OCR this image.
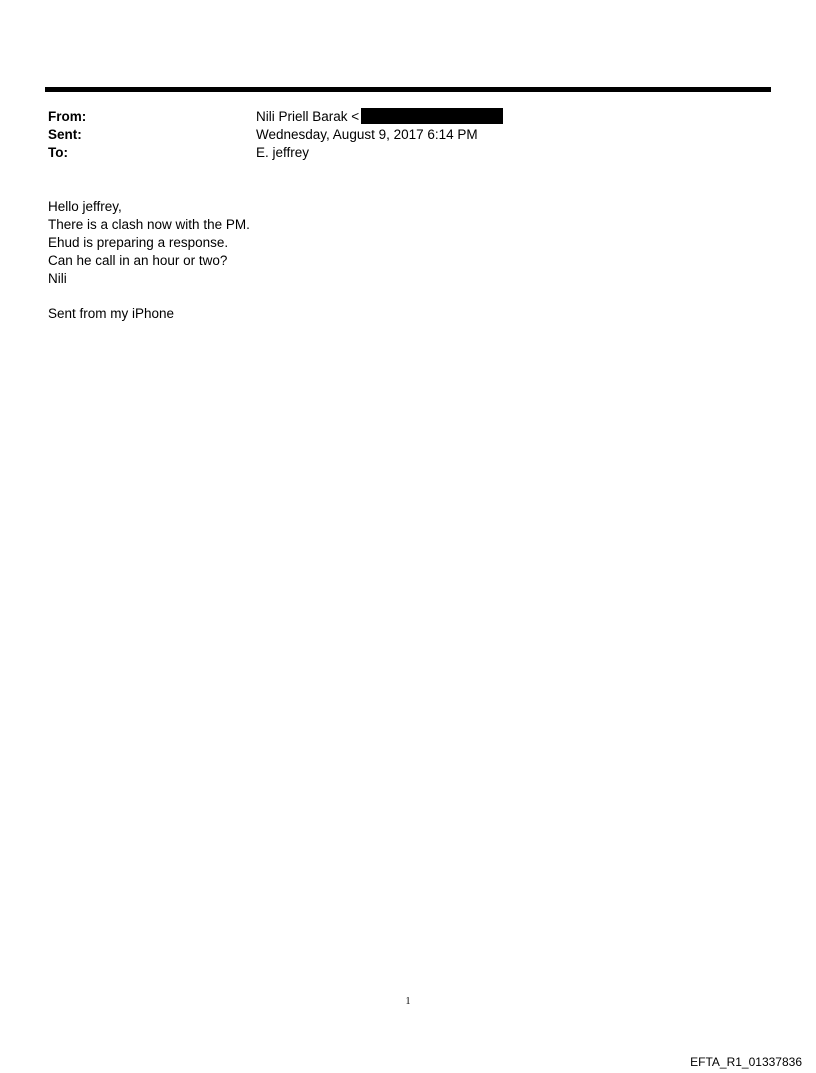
From:	Nili Priell Barak <
Sent:	Wednesday, August 9, 2017 6:14 PM
To:	E. jeffrey
Hello jeffrey,
There is a clash now with the PM.
Ehud is preparing a response.
Can he call in an hour or two?
Nili
Sent from my iPhone
1
EFTA_R1_01337836
